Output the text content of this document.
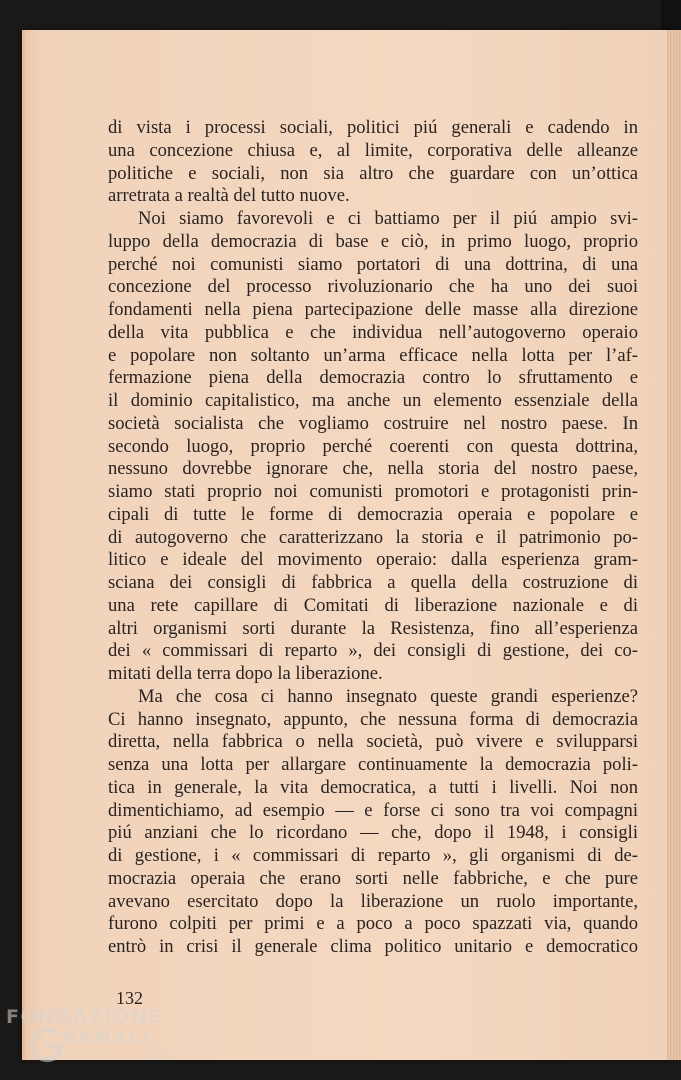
di vista i processi sociali, politici piú generali e cadendo in
una concezione chiusa e, al limite, corporativa delle alleanze
politiche e sociali, non sia altro che guardare con un’ottica
arretrata a realtà del tutto nuove.
Noi siamo favorevoli e ci battiamo per il piú ampio svi-
luppo della democrazia di base e ciò, in primo luogo, proprio
perché noi comunisti siamo portatori di una dottrina, di una
concezione del processo rivoluzionario che ha uno dei suoi
fondamenti nella piena partecipazione delle masse alla direzione
della vita pubblica e che individua nell’autogoverno operaio
e popolare non soltanto un’arma efficace nella lotta per l’af-
fermazione piena della democrazia contro lo sfruttamento e
il dominio capitalistico, ma anche un elemento essenziale della
società socialista che vogliamo costruire nel nostro paese. In
secondo luogo, proprio perché coerenti con questa dottrina,
nessuno dovrebbe ignorare che, nella storia del nostro paese,
siamo stati proprio noi comunisti promotori e protagonisti prin-
cipali di tutte le forme di democrazia operaia e popolare e
di autogoverno che caratterizzano la storia e il patrimonio po-
litico e ideale del movimento operaio: dalla esperienza gram-
sciana dei consigli di fabbrica a quella della costruzione di
una rete capillare di Comitati di liberazione nazionale e di
altri organismi sorti durante la Resistenza, fino all’esperienza
dei « commissari di reparto », dei consigli di gestione, dei co-
mitati della terra dopo la liberazione.
Ma che cosa ci hanno insegnato queste grandi esperienze?
Ci hanno insegnato, appunto, che nessuna forma di democrazia
diretta, nella fabbrica o nella società, può vivere e svilupparsi
senza una lotta per allargare continuamente la democrazia poli-
tica in generale, la vita democratica, a tutti i livelli. Noi non
dimentichiamo, ad esempio — e forse ci sono tra voi compagni
piú anziani che lo ricordano — che, dopo il 1948, i consigli
di gestione, i « commissari di reparto », gli organismi di de-
mocrazia operaia che erano sorti nelle fabbriche, e che pure
avevano esercitato dopo la liberazione un ruolo importante,
furono colpiti per primi e a poco a poco spazzati via, quando
entrò in crisi il generale clima politico unitario e democratico
132
FONDAZIONE
RAMSCI
onlus
